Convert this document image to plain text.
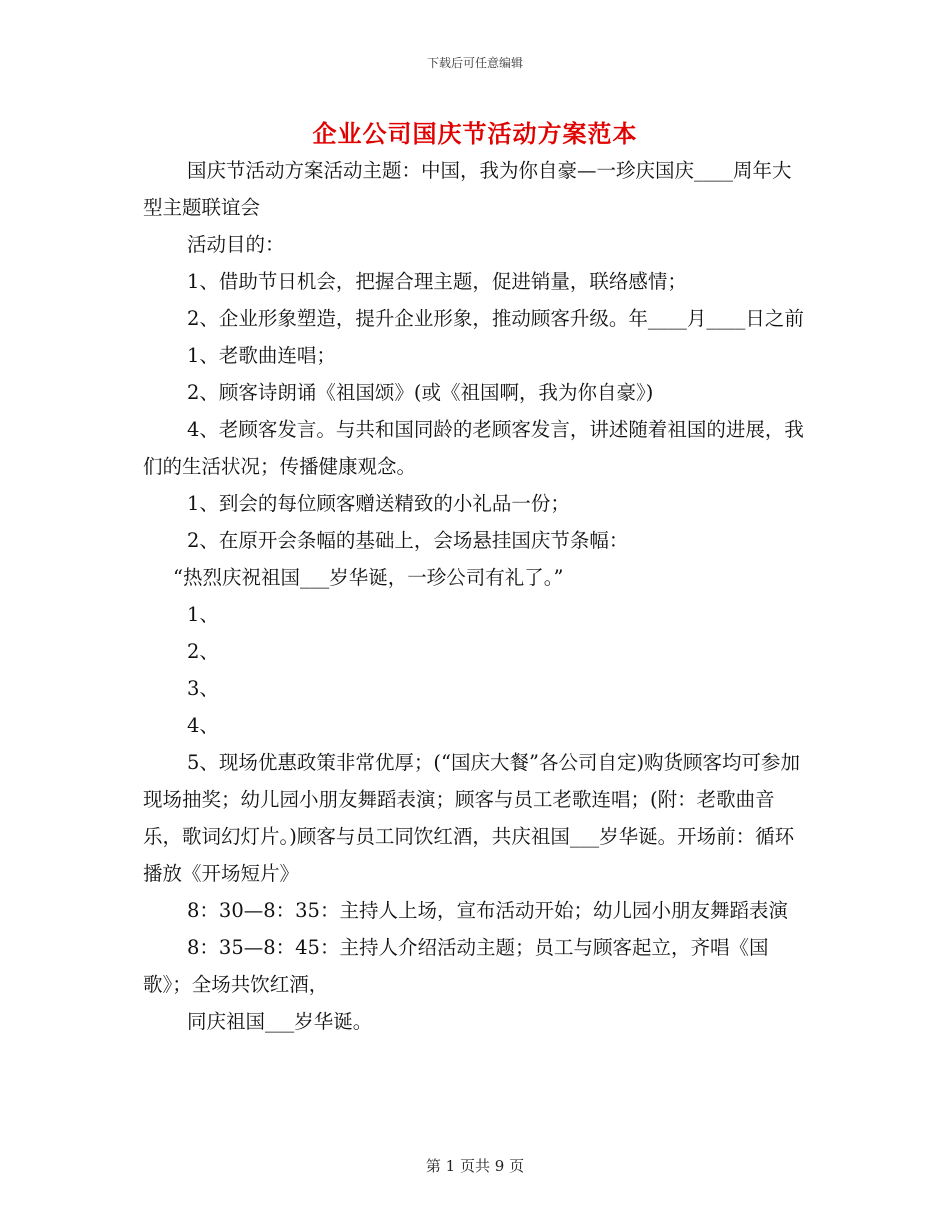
下载后可任意编辑
企业公司国庆节活动方案范本

国庆节活动方案活动主题：中国，我为你自豪—一珍庆国庆____周年大型主题联谊会

活动目的：

1、借助节日机会，把握合理主题，促进销量，联络感情；

2、企业形象塑造，提升企业形象，推动顾客升级。年____月____日之前

1、老歌曲连唱；

2、顾客诗朗诵《祖国颂》(或《祖国啊，我为你自豪》)

4、老顾客发言。与共和国同龄的老顾客发言，讲述随着祖国的进展，我们的生活状况；传播健康观念。

1、到会的每位顾客赠送精致的小礼品一份；

2、在原开会条幅的基础上，会场悬挂国庆节条幅：

“热烈庆祝祖国___岁华诞，一珍公司有礼了。”

1、

2、

3、

4、

5、现场优惠政策非常优厚；(“国庆大餐”各公司自定)购货顾客均可参加现场抽奖；幼儿园小朋友舞蹈表演；顾客与员工老歌连唱；(附：老歌曲音乐，歌词幻灯片。)顾客与员工同饮红酒，共庆祖国___岁华诞。开场前：循环播放《开场短片》

8：30—8：35：主持人上场，宣布活动开始；幼儿园小朋友舞蹈表演

8：35—8：45：主持人介绍活动主题；员工与顾客起立，齐唱《国歌》；全场共饮红酒，

同庆祖国___岁华诞。

第 1 页共 9 页
